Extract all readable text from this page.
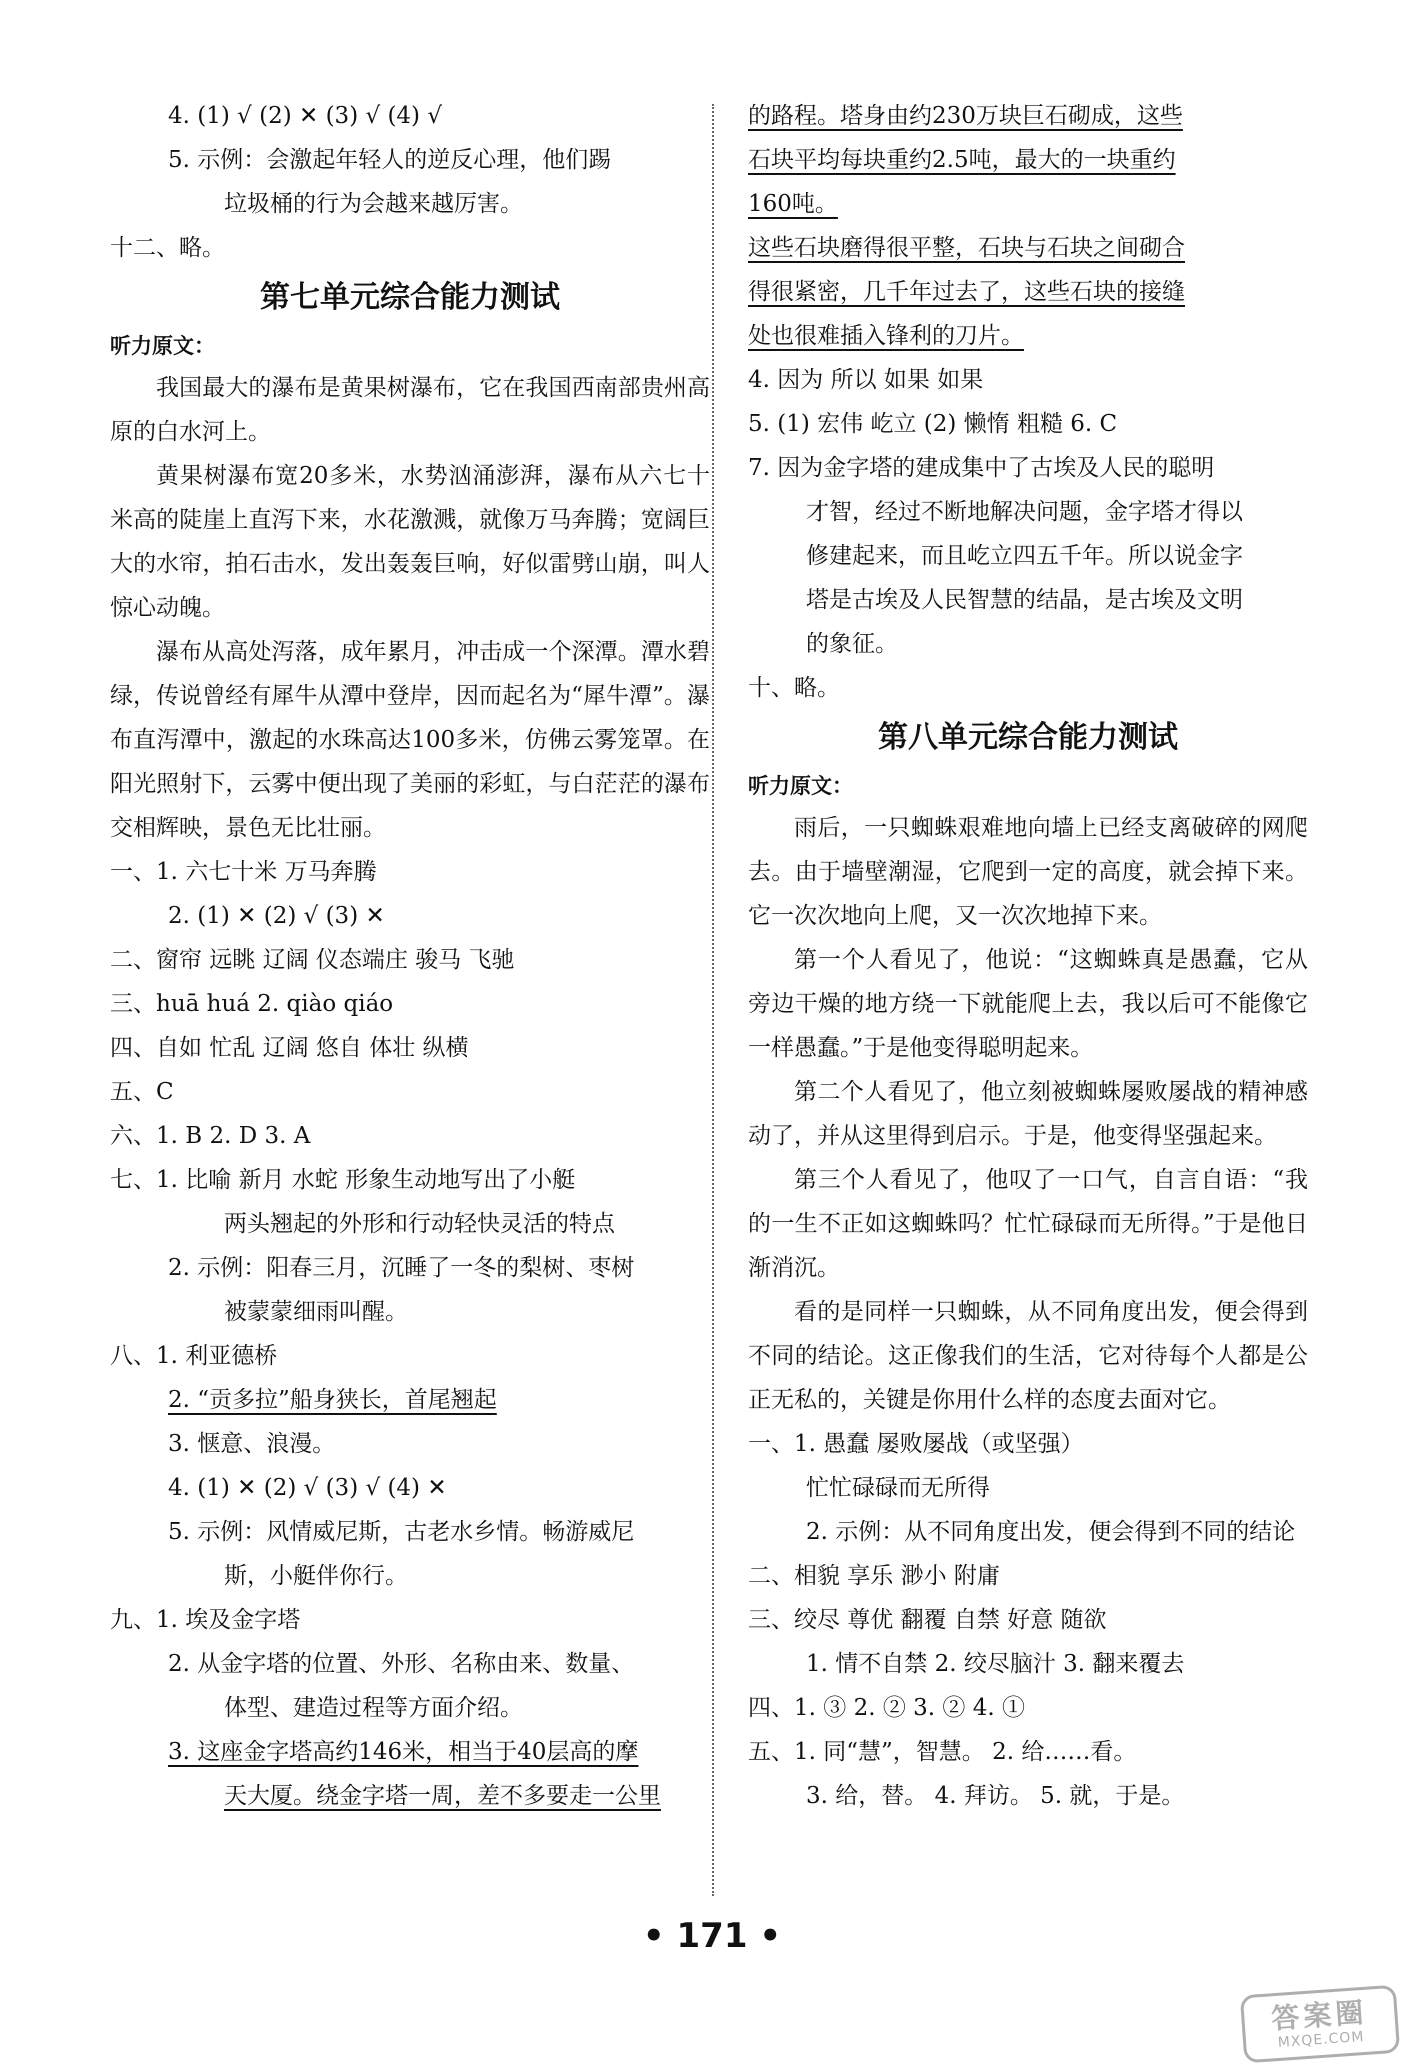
4. (1) √ (2) ✕ (3) √ (4) √
5. 示例：会激起年轻人的逆反心理，他们踢
垃圾桶的行为会越来越厉害。
十二、略。
第七单元综合能力测试
听力原文：
我国最大的瀑布是黄果树瀑布，它在我国西南部贵州高原的白水河上。
黄果树瀑布宽20多米，水势汹涌澎湃，瀑布从六七十米高的陡崖上直泻下来，水花激溅，就像万马奔腾；宽阔巨大的水帘，拍石击水，发出轰轰巨响，好似雷劈山崩，叫人惊心动魄。
瀑布从高处泻落，成年累月，冲击成一个深潭。潭水碧绿，传说曾经有犀牛从潭中登岸，因而起名为“犀牛潭”。瀑布直泻潭中，激起的水珠高达100多米，仿佛云雾笼罩。在阳光照射下，云雾中便出现了美丽的彩虹，与白茫茫的瀑布交相辉映，景色无比壮丽。
一、1. 六七十米 万马奔腾
2. (1) ✕ (2) √ (3) ✕
二、窗帘 远眺 辽阔 仪态端庄 骏马 飞驰
三、huā huá 2. qiào qiáo
四、自如 忙乱 辽阔 悠自 体壮 纵横
五、C
六、1. B 2. D 3. A
七、1. 比喻 新月 水蛇 形象生动地写出了小艇
两头翘起的外形和行动轻快灵活的特点
2. 示例：阳春三月，沉睡了一冬的梨树、枣树
被蒙蒙细雨叫醒。
八、1. 利亚德桥
2. “贡多拉”船身狭长，首尾翘起
3. 惬意、浪漫。
4. (1) ✕ (2) √ (3) √ (4) ✕
5. 示例：风情威尼斯，古老水乡情。畅游威尼
斯，小艇伴你行。
九、1. 埃及金字塔
2. 从金字塔的位置、外形、名称由来、数量、
体型、建造过程等方面介绍。
3. 这座金字塔高约146米，相当于40层高的摩
天大厦。绕金字塔一周，差不多要走一公里
的路程。塔身由约230万块巨石砌成，这些
石块平均每块重约2.5吨，最大的一块重约
160吨。
这些石块磨得很平整，石块与石块之间砌合
得很紧密，几千年过去了，这些石块的接缝
处也很难插入锋利的刀片。
4. 因为 所以 如果 如果
5. (1) 宏伟 屹立 (2) 懒惰 粗糙 6. C
7. 因为金字塔的建成集中了古埃及人民的聪明
才智，经过不断地解决问题，金字塔才得以
修建起来，而且屹立四五千年。所以说金字
塔是古埃及人民智慧的结晶，是古埃及文明
的象征。
十、略。
第八单元综合能力测试
听力原文：
雨后，一只蜘蛛艰难地向墙上已经支离破碎的网爬去。由于墙壁潮湿，它爬到一定的高度，就会掉下来。它一次次地向上爬，又一次次地掉下来。
第一个人看见了，他说：“这蜘蛛真是愚蠢，它从旁边干燥的地方绕一下就能爬上去，我以后可不能像它一样愚蠢。”于是他变得聪明起来。
第二个人看见了，他立刻被蜘蛛屡败屡战的精神感动了，并从这里得到启示。于是，他变得坚强起来。
第三个人看见了，他叹了一口气，自言自语：“我的一生不正如这蜘蛛吗？忙忙碌碌而无所得。”于是他日渐消沉。
看的是同样一只蜘蛛，从不同角度出发，便会得到不同的结论。这正像我们的生活，它对待每个人都是公正无私的，关键是你用什么样的态度去面对它。
一、1. 愚蠢 屡败屡战（或坚强）
忙忙碌碌而无所得
2. 示例：从不同角度出发，便会得到不同的结论
二、相貌 享乐 渺小 附庸
三、绞尽 尊优 翻覆 自禁 好意 随欲
1. 情不自禁 2. 绞尽脑汁 3. 翻来覆去
四、1. ③ 2. ② 3. ② 4. ①
五、1. 同“慧”，智慧。 2. 给……看。
3. 给，替。 4. 拜访。 5. 就，于是。
• 171 •
答案圈
MXQE.COM
